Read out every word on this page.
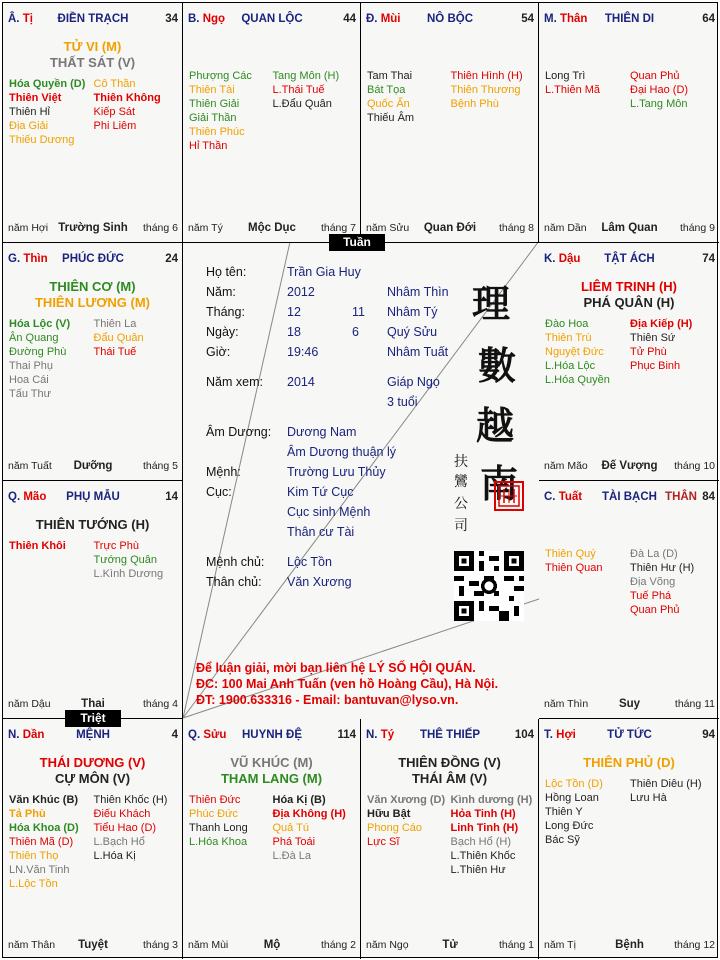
ĐIỀN TRẠCH
Â. Tị	34
TỬ VI (M)
THẤT SÁT (V)
Hóa Quyền (D)
Thiên Việt
Thiên Hỉ
Địa Giải
Thiếu Dương
Cô Thần
Thiên Không
Kiếp Sát
Phi Liêm
Trường Sinh
năm Hợi	tháng 6
QUAN LỘC
B. Ngọ	44
Phượng Các
Thiên Tài
Thiên Giải
Giải Thần
Thiên Phúc
Hỉ Thần
Tang Môn (H)
L.Thái Tuế
L.Đẩu Quân
Mộc Dục
năm Tý	tháng 7
NÔ BỘC
Đ. Mùi	54
Tam Thai
Bát Tọa
Quốc Ấn
Thiếu Âm
Thiên Hình (H)
Thiên Thương
Bệnh Phù
Quan Đới
năm Sửu	tháng 8
THIÊN DI
M. Thân	64
Long Trì
L.Thiên Mã
Quan Phủ
Đại Hao (D)
L.Tang Môn
Lâm Quan
năm Dần	tháng 9
PHÚC ĐỨC
G. Thìn	24
THIÊN CƠ (M)
THIÊN LƯƠNG (M)
Hóa Lộc (V)
Ân Quang
Đường Phù
Thai Phụ
Hoa Cái
Tấu Thư
Thiên La
Đẩu Quân
Thái Tuế
Dưỡng
năm Tuất	tháng 5
TẬT ÁCH
K. Dậu	74
LIÊM TRINH (H)
PHÁ QUÂN (H)
Đào Hoa
Thiên Trù
Nguyệt Đức
L.Hóa Lộc
L.Hóa Quyền
Địa Kiếp (H)
Thiên Sứ
Tử Phù
Phục Binh
Đế Vượng
năm Mão	tháng 10
PHỤ MẪU
Q. Mão	14
THIÊN TƯỚNG (H)
Thiên Khôi	Trực Phù
Tướng Quân
L.Kình Dương
Thai
năm Dậu	tháng 4
TÀI BẠCH
C. Tuất	84
THÂN
Thiên Quý
Thiên Quan
Đà La (D)
Thiên Hư (H)
Địa Võng
Tuế Phá
Quan Phủ
Suy
năm Thìn	tháng 11
MỆNH
N. Dần	4
THÁI DƯƠNG (V)
CỰ MÔN (V)
Văn Khúc (B)
Tả Phù
Hóa Khoa (D)
Thiên Mã (D)
Thiên Thọ
LN.Văn Tinh
L.Lộc Tồn
Thiên Khốc (H)
Điếu Khách
Tiểu Hao (D)
L.Bạch Hổ
L.Hóa Kị
Tuyệt
năm Thân	tháng 3
HUYNH ĐỆ
Q. Sửu	114
VŨ KHÚC (M)
THAM LANG (M)
Thiên Đức
Phúc Đức
Thanh Long
L.Hóa Khoa
Hóa Kị (B)
Địa Không (H)
Quả Tú
Phá Toái
L.Đà La
Mộ
năm Mùi	tháng 2
THÊ THIẾP
N. Tý	104
THIÊN ĐỒNG (V)
THÁI ÂM (V)
Văn Xương (D)
Hữu Bật
Phong Cáo
Lực Sĩ
Kình dương (H)
Hỏa Tinh (H)
Linh Tinh (H)
Bạch Hổ (H)
L.Thiên Khốc
L.Thiên Hư
Tử
năm Ngọ	tháng 1
TỬ TỨC
T. Hợi	94
THIÊN PHỦ (D)
Lộc Tồn (D)
Hồng Loan
Thiên Y
Long Đức
Bác Sỹ
Thiên Diêu (H)
Lưu Hà
Bệnh
năm Tị	tháng 12
Tuần
Triệt
Họ tên:	Trần Gia Huy
Năm:	2012	Nhâm Thìn
Tháng:	12	11 Nhâm Tý
Ngày:	18	6 Quý Sửu
Giờ:	19:46	Nhâm Tuất
Năm xem: 2014	Giáp Ngọ
3 tuổi
Âm Dương: Dương Nam
Âm Dương thuận lý
Mệnh:	Trường Lưu Thủy
Cục:	Kim Tứ Cục
Cục sinh Mệnh
Thân cư Tài
Mệnh chủ: Lộc Tồn
Thân chủ: Văn Xương
理
數
越
南
扶
鸞
公
司
Để luận giải, mời bạn liên hệ LÝ SỐ HỘI QUÁN.
ĐC: 100 Mai Anh Tuấn (ven hồ Hoàng Cầu), Hà Nội.
ĐT: 1900.633316 - Email: bantuvan@lyso.vn.
